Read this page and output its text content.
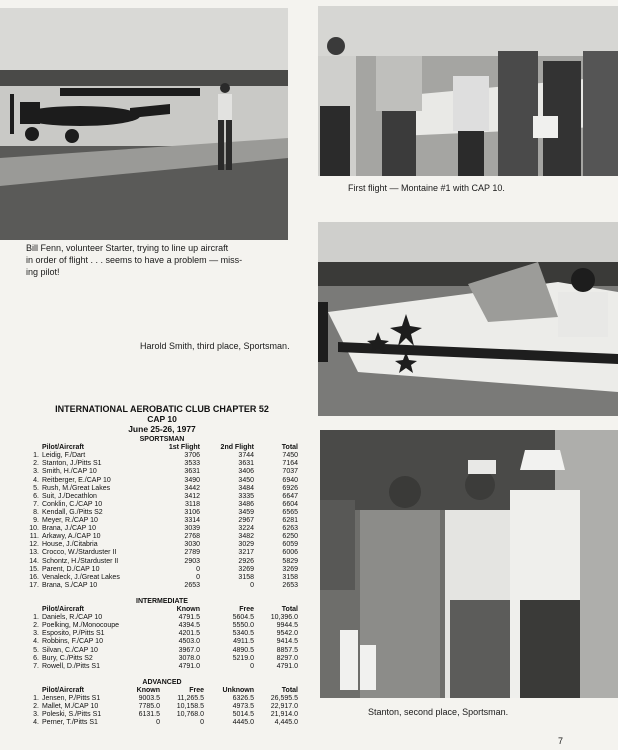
Bill Fenn, volunteer Starter, trying to line up aircraft
in order of flight . . . seems to have a problem — miss-
ing pilot!
First flight — Montaine #1 with CAP 10.
Harold Smith, third place, Sportsman.
Stanton, second place, Sportsman.
INTERNATIONAL AEROBATIC CLUB CHAPTER 52
CAP 10
June 25-26, 1977
SPORTSMAN
	Pilot/Aircraft	1st Flight	2nd Flight	Total
1.	Leidig, F./Dart	3706	3744	7450
2.	Stanton, J./Pitts S1	3533	3631	7164
3.	Smith, H./CAP 10	3631	3406	7037
4.	Reitberger, E./CAP 10	3490	3450	6940
5.	Rush, M./Great Lakes	3442	3484	6926
6.	Suit, J./Decathlon	3412	3335	6647
7.	Conklin, C./CAP 10	3118	3486	6604
8.	Kendall, G./Pitts S2	3106	3459	6565
9.	Meyer, R./CAP 10	3314	2967	6281
10.	Brana, J./CAP 10	3039	3224	6263
11.	Arkawy, A./CAP 10	2768	3482	6250
12.	House, J./Citabria	3030	3029	6059
13.	Crocco, W./Starduster II	2789	3217	6006
14.	Schontz, H./Starduster II	2903	2926	5829
15.	Parent, D./CAP 10	0	3269	3269
16.	Venaleck, J./Great Lakes	0	3158	3158
17.	Brana, S./CAP 10	2653	0	2653
INTERMEDIATE
	Pilot/Aircraft	Known	Free	Total
1.	Daniels, R./CAP 10	4791.5	5604.5	10,396.0
2.	Poelking, M./Monocoupe	4394.5	5550.0	9944.5
3.	Esposito, P./Pitts S1	4201.5	5340.5	9542.0
4.	Robbins, F./CAP 10	4503.0	4911.5	9414.5
5.	Silvan, C./CAP 10	3967.0	4890.5	8857.5
6.	Bury, C./Pitts S2	3078.0	5219.0	8297.0
7.	Rowell, D./Pitts S1	4791.0	0	4791.0
ADVANCED
	Pilot/Aircraft	Known	Free	Unknown	Total
1.	Jensen, P./Pitts S1	9003.5	11,265.5	6326.5	26,595.5
2.	Mallet, M./CAP 10	7785.0	10,158.5	4973.5	22,917.0
3.	Poleski, S./Pitts S1	6131.5	10,768.0	5014.5	21,914.0
4.	Perner, T./Pitts S1	0	0	4445.0	4,445.0
7
